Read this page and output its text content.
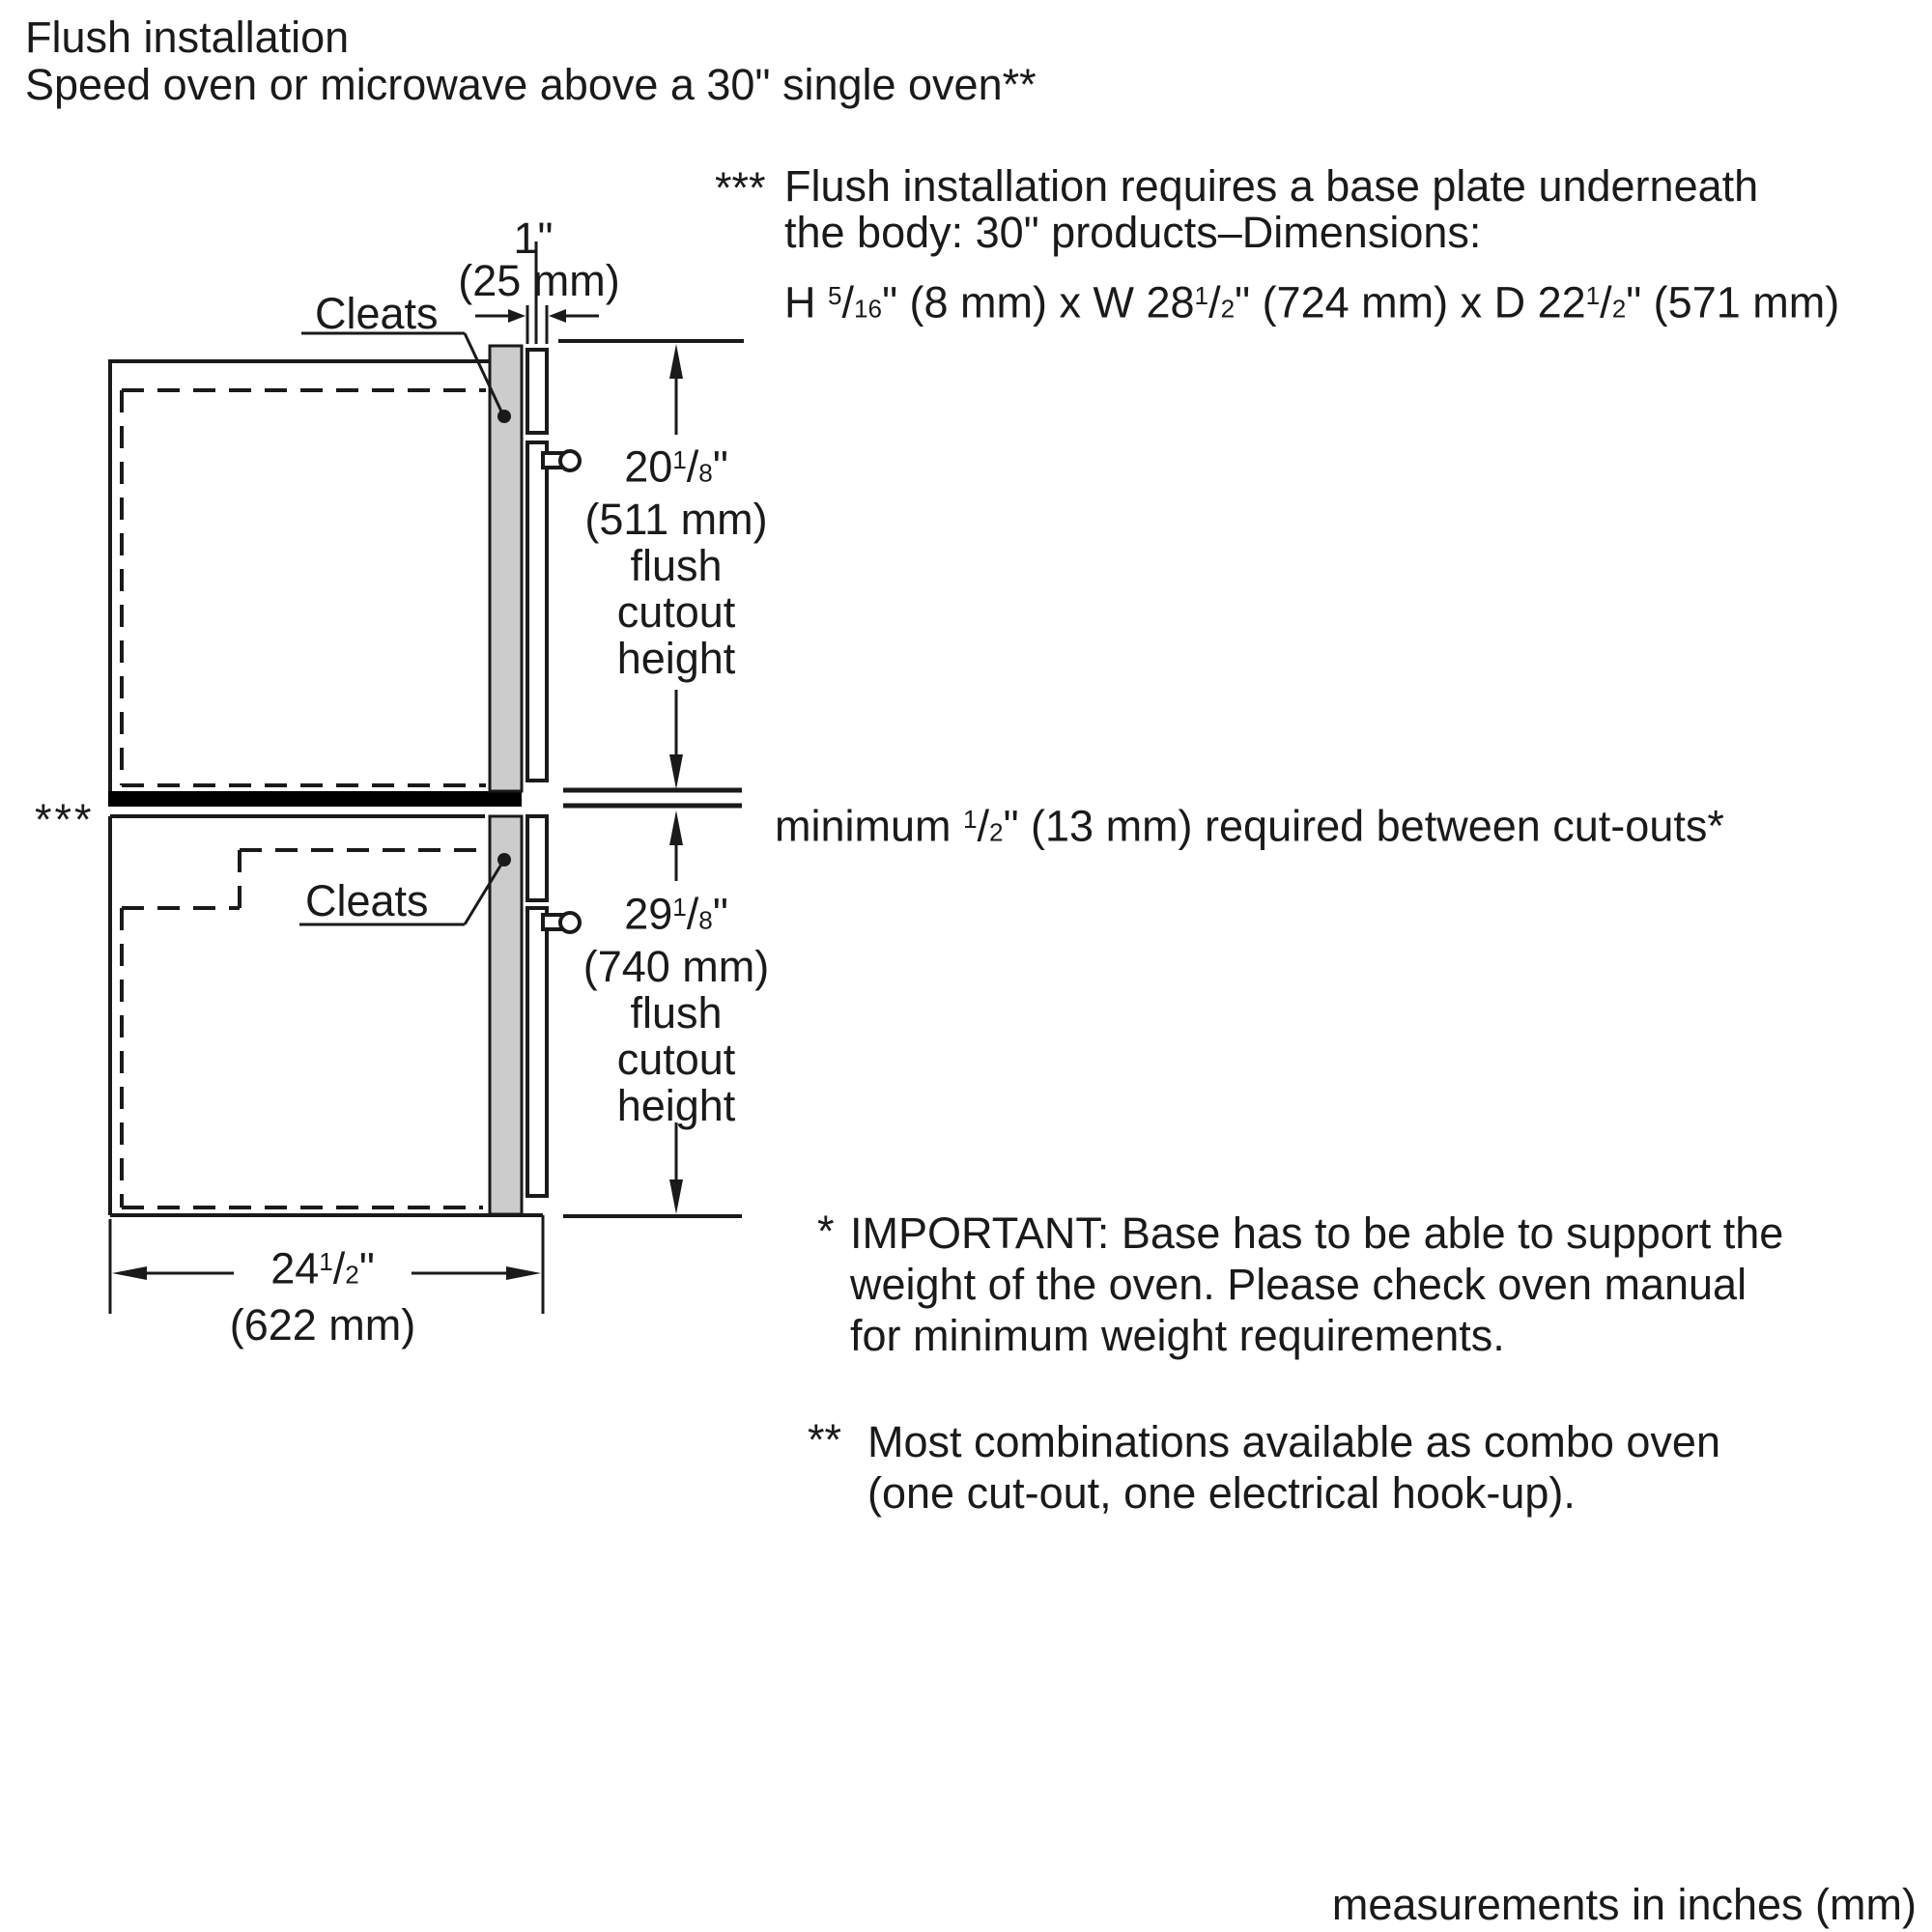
Flush installation
Speed oven or microwave above a 30" single oven**
*** Flush installation requires a base plate underneath
the body: 30" products–Dimensions:
H $^5$/16" (8 mm) x W 28$^1$/2" (724 mm) x D 22$^1$/2" (571 mm)
1"
(25 mm)
Cleats
Cleats
20$^1$/8"
(511 mm)
flush
cutout
height
29$^1$/8"
(740 mm)
flush
cutout
height
***	minimum $^1$/2" (13 mm) required between cut-outs*
24$^1$/2"
(622 mm)
* IMPORTANT: Base has to be able to support the
weight of the oven. Please check oven manual
for minimum weight requirements.
** Most combinations available as combo oven
(one cut-out, one electrical hook-up).
measurements in inches (mm)
